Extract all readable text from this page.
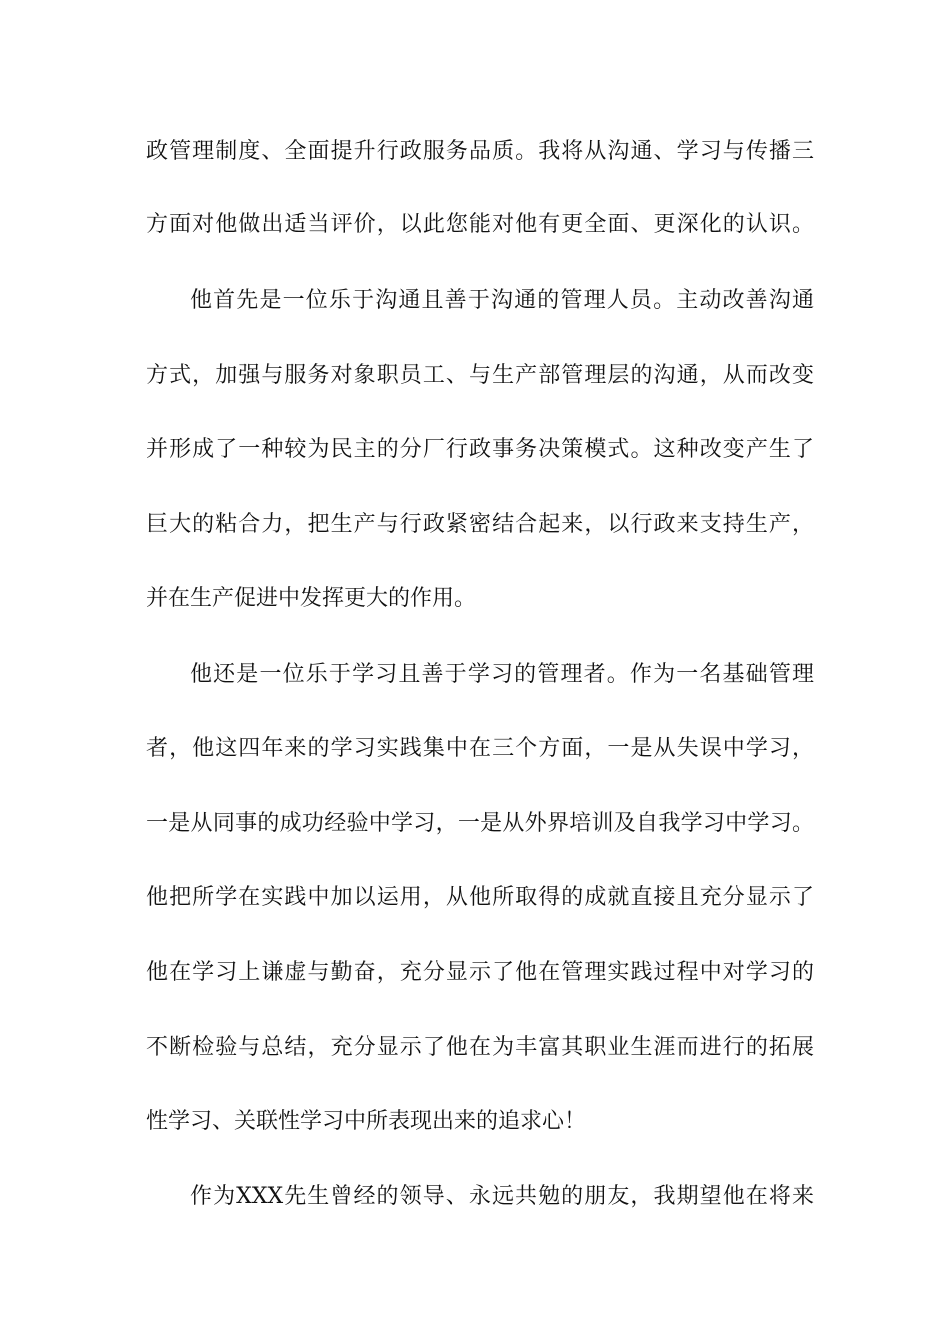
政管理制度、全面提升行政服务品质。我将从沟通、学习与传播三

方面对他做出适当评价，以此您能对他有更全面、更深化的认识。

他首先是一位乐于沟通且善于沟通的管理人员。主动改善沟通

方式，加强与服务对象职员工、与生产部管理层的沟通，从而改变

并形成了一种较为民主的分厂行政事务决策模式。这种改变产生了

巨大的粘合力，把生产与行政紧密结合起来，以行政来支持生产，

并在生产促进中发挥更大的作用。

他还是一位乐于学习且善于学习的管理者。作为一名基础管理

者，他这四年来的学习实践集中在三个方面，一是从失误中学习，

一是从同事的成功经验中学习，一是从外界培训及自我学习中学习。

他把所学在实践中加以运用，从他所取得的成就直接且充分显示了

他在学习上谦虚与勤奋，充分显示了他在管理实践过程中对学习的

不断检验与总结，充分显示了他在为丰富其职业生涯而进行的拓展

性学习、关联性学习中所表现出来的追求心！

作为XXX先生曾经的领导、永远共勉的朋友，我期望他在将来
